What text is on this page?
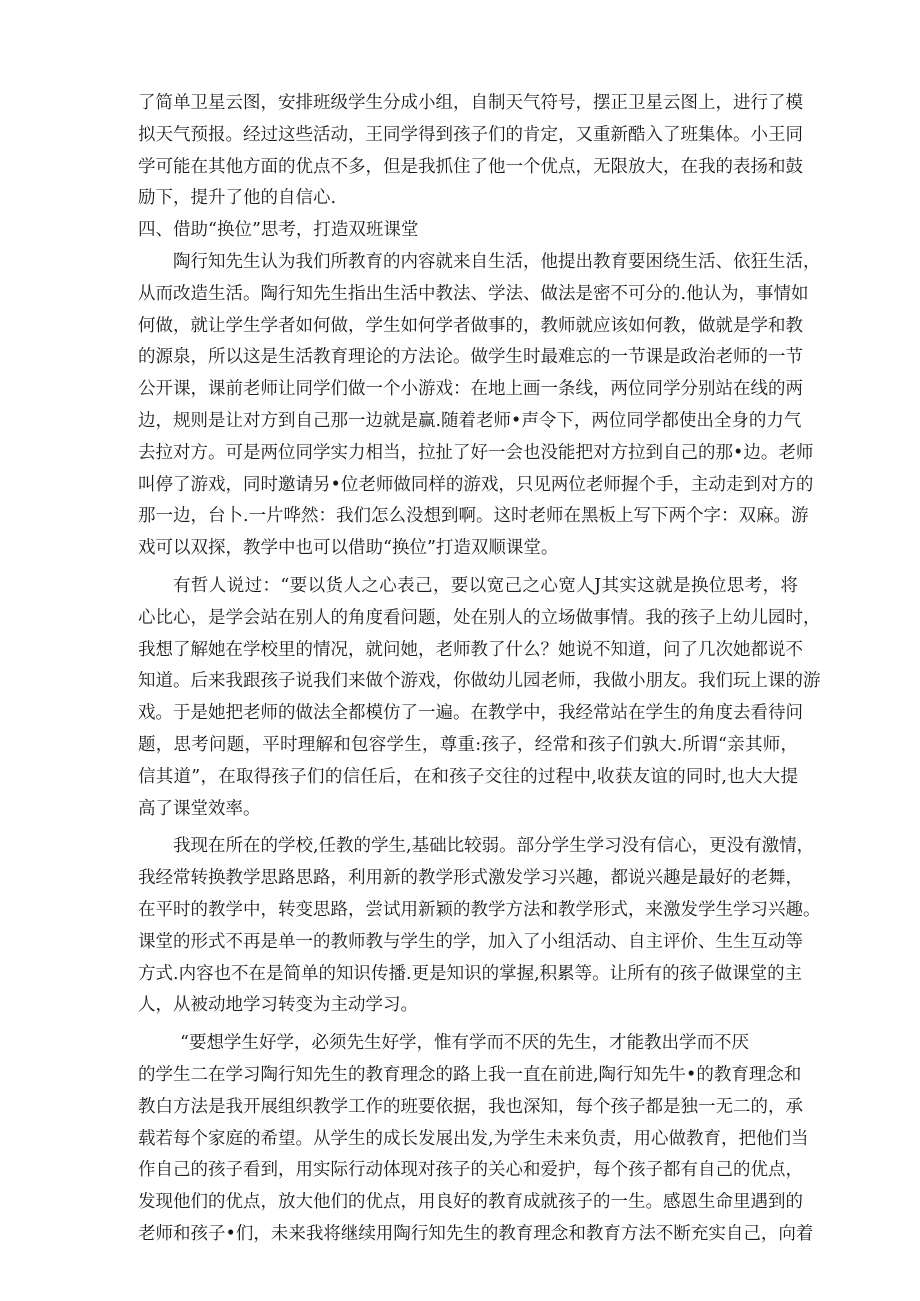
了简单卫星云图，安排班级学生分成小组，自制天气符号，摆正卫星云图上，进行了模
拟天气预报。经过这些活动，王同学得到孩子们的肯定，又重新酷入了班集体。小王同
学可能在其他方面的优点不多，但是我抓住了他一个优点，无限放大，在我的表扬和鼓
励下，提升了他的自信心.
四、借助“换位”思考，打造双班课堂
陶行知先生认为我们所教育的内容就来自生活，他提出教育要困绕生活、依狂生活，
从而改造生活。陶行知先生指出生活中教法、学法、做法是密不可分的.他认为，事情如
何做，就让学生学者如何做，学生如何学者做事的，教师就应该如何教，做就是学和教
的源泉，所以这是生活教育理论的方法论。做学生时最难忘的一节课是政治老师的一节
公开课，课前老师让同学们做一个小游戏：在地上画一条线，两位同学分别站在线的两
边，规则是让对方到自己那一边就是赢.随着老师•声令下，两位同学都使出全身的力气
去拉对方。可是两位同学实力相当，拉扯了好一会也没能把对方拉到自己的那•边。老师
叫停了游戏，同时邀请另•位老师做同样的游戏，只见两位老师握个手，主动走到对方的
那一边，台卜.一片哗然：我们怎么没想到啊。这时老师在黑板上写下两个字：双麻。游
戏可以双探，教学中也可以借助“换位”打造双顺课堂。
有哲人说过：“要以货人之心表己，要以宽己之心宽人J其实这就是换位思考，将
心比心，是学会站在别人的角度看问题，处在别人的立场做事情。我的孩子上幼儿园时，
我想了解她在学校里的情况，就问她，老师教了什么？她说不知道，问了几次她都说不
知道。后来我跟孩子说我们来做个游戏，你做幼儿园老师，我做小朋友。我们玩上课的游
戏。于是她把老师的做法全都模仿了一遍。在教学中，我经常站在学生的角度去看待问
题，思考问题，平时理解和包容学生，尊重:孩子，经常和孩子们孰大.所谓“亲其师，
信其道”，在取得孩子们的信任后，在和孩子交往的过程中,收获友谊的同时,也大大提
高了课堂效率。
我现在所在的学校,任教的学生,基础比较弱。部分学生学习没有信心，更没有激情，
我经常转换教学思路思路，利用新的教学形式激发学习兴趣，都说兴趣是最好的老舞，
在平时的教学中，转变思路，尝试用新颖的教学方法和教学形式，来激发学生学习兴趣。
课堂的形式不再是单一的教师教与学生的学，加入了小组活动、自主评价、生生互动等
方式.内容也不在是简单的知识传播.更是知识的掌握,积累等。让所有的孩子做课堂的主
人，从被动地学习转变为主动学习。
“要想学生好学，必须先生好学，惟有学而不厌的先生，才能教出学而不厌
的学生二在学习陶行知先生的教育理念的路上我一直在前进,陶行知先牛•的教育理念和
教白方法是我开展组织教学工作的班要依据，我也深知，每个孩子都是独一无二的，承
载若每个家庭的希望。从学生的成长发展出发,为学生未来负责，用心做教育，把他们当
作自己的孩子看到，用实际行动体现对孩子的关心和爱护，每个孩子都有自己的优点，
发现他们的优点，放大他们的优点，用良好的教育成就孩子的一生。感恩生命里遇到的
老师和孩子•们，未来我将继续用陶行知先生的教育理念和教育方法不断充实自己，向着
